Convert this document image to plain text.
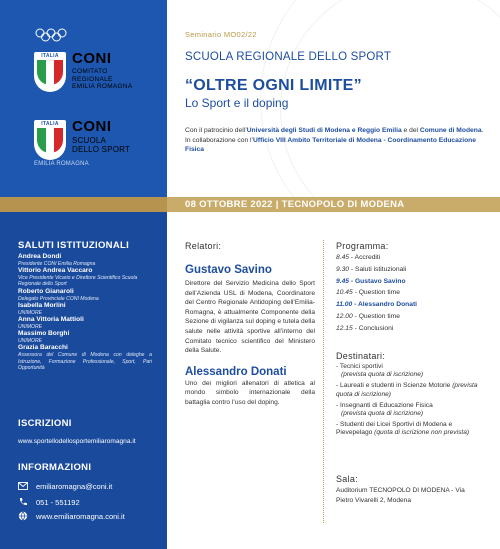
ITALIA CONI
COMITATO
REGIONALE
EMILIA ROMAGNA
ITALIA CONI
SCUOLA
DELLO SPORT
EMILIA ROMAGNA
SALUTI ISTITUZIONALI
Andrea Dondi
Presidente CONI Emilia Romagna
Vittorio Andrea Vaccaro
Vice Presidente Vicario e Direttore Scientifico Scuola Regionale dello Sport
Roberto Gianaroli
Delegato Provinciale CONI Modena
Isabella Morlini
UNIMORE
Anna Vittoria Mattioli
UNIMORE
Massimo Borghi
UNIMORE
Grazia Baracchi
Assessora del Comune di Modena con deleghe a Istruzione, Formazione Professionale, Sport, Pari Opportunità
ISCRIZIONI
www.sportellodellosportemiliaromagna.it
INFORMAZIONI
emiliaromagna@coni.it
051 - 551192
www.emiliaromagna.coni.it
Seminario MO02/22
SCUOLA REGIONALE DELLO SPORT
“OLTRE OGNI LIMITE”
Lo Sport e il doping
Con il patrocinio dell’Università degli Studi di Modena e Reggio Emilia e del Comune di Modena.
In collaborazione con l’Ufficio VIII Ambito Territoriale di Modena - Coordinamento Educazione Fisica
08 OTTOBRE 2022 | TECNOPOLO DI MODENA
Relatori:
Gustavo Savino
Direttore del Servizio Medicina dello Sport dell’Azienda USL di Modena, Coordinatore del Centro Regionale Antidoping dell’Emilia-Romagna, è attualmente Componente della Sezione di vigilanza sul doping e tutela della salute nelle attività sportive all’interno del Comitato tecnico scientifico del Ministero della Salute.
Alessandro Donati
Uno dei migliori allenatori di atletica al mondo simbolo internazionale della battaglia contro l’uso del doping.
Programma:
8.45 - Accrediti
9.30 - Saluti istituzionali
9.45 - Gustavo Savino
10.45 - Question time
11.00 - Alessandro Donati
12.00 - Question time
12.15 - Conclusioni
Destinatari:
- Tecnici sportivi
(prevista quota di iscrizione)
- Laureati e studenti in Scienze Motorie (prevista quota di iscrizione)
- Insegnanti di Educazione Fisica
(prevista quota di iscrizione)
- Studenti dei Licei Sportivi di Modena e Pievepelago (quota di iscrizione non prevista)
Sala:
Auditorium TECNOPOLO DI MODENA - Via Pietro Vivarelli 2, Modena
